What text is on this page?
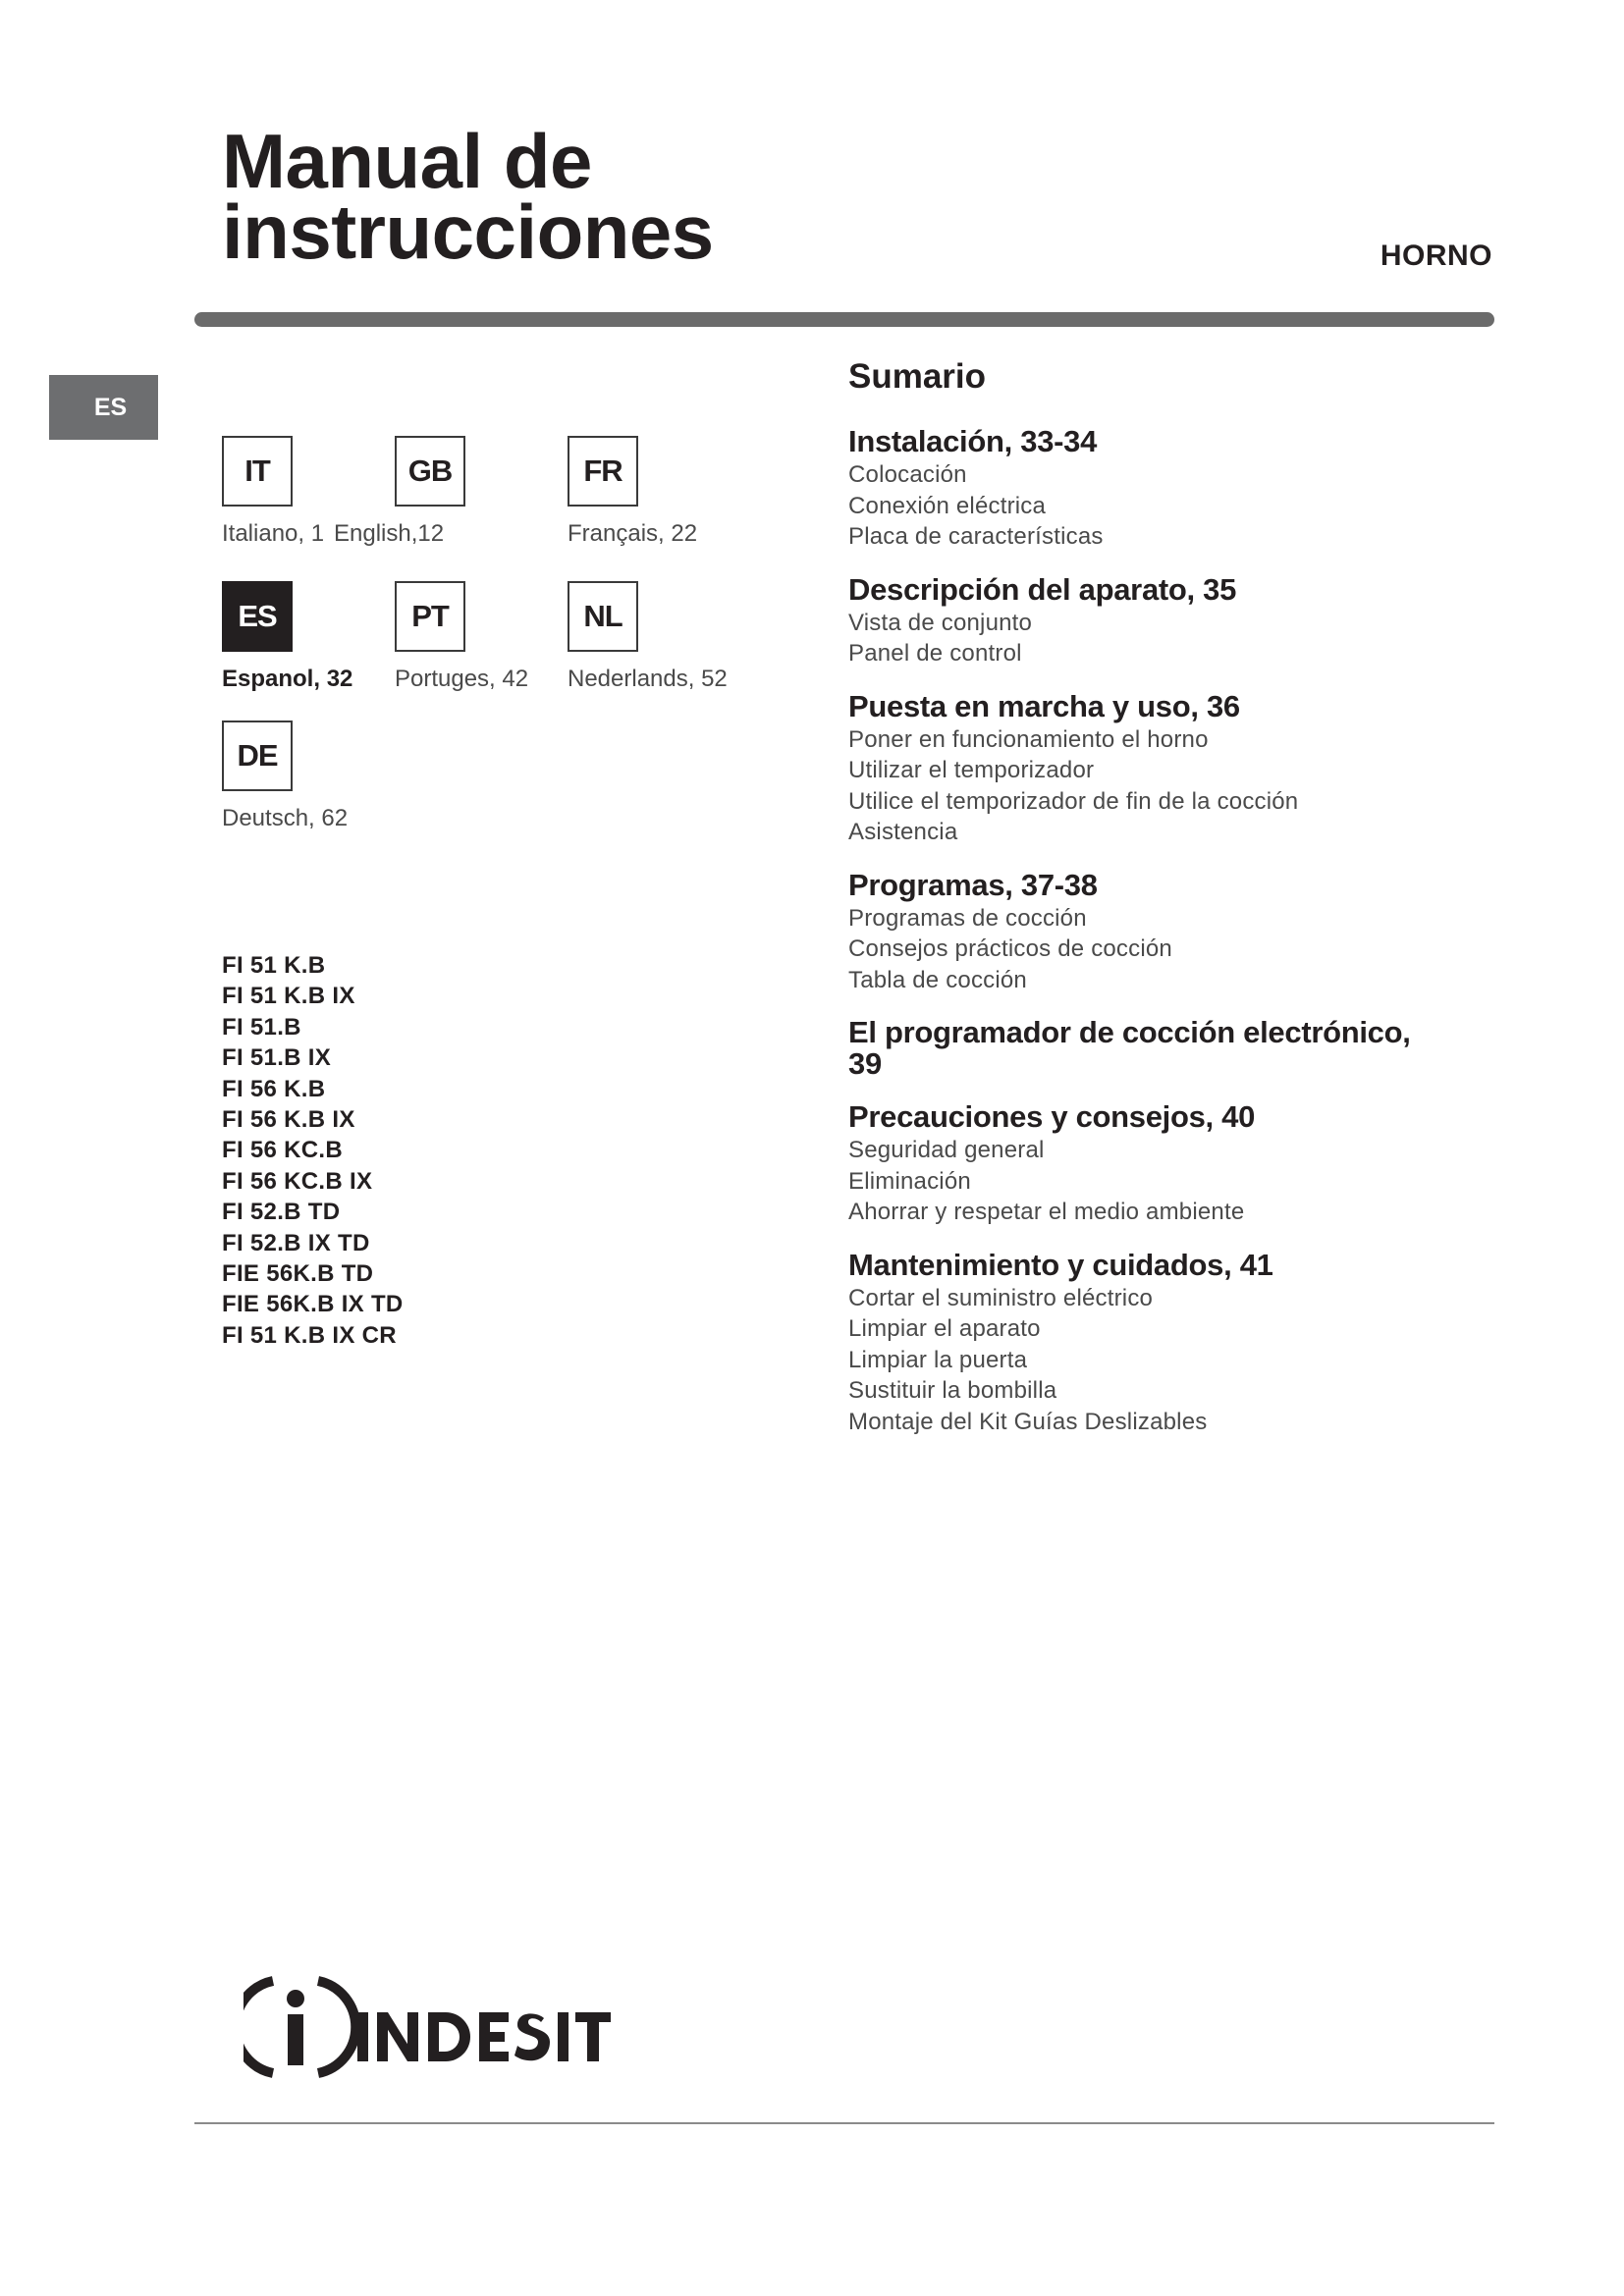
Manual de
instrucciones	HORNO
ES
IT
Italiano, 1
GB
English,12
FR
Français, 22
ES
Espanol, 32
PT
Portuges, 42
NL
Nederlands, 52
DE
Deutsch, 62
FI 51 K.B
FI 51 K.B IX
FI 51.B
FI 51.B IX
FI 56 K.B
FI 56 K.B IX
FI 56 KC.B
FI 56 KC.B IX
FI 52.B TD
FI 52.B IX TD
FIE 56K.B TD
FIE 56K.B IX TD
FI 51 K.B IX CR
Sumario
Instalación, 33-34
Colocación
Conexión eléctrica
Placa de características
Descripción del aparato, 35
Vista de conjunto
Panel de control
Puesta en marcha y uso, 36
Poner en funcionamiento el horno
Utilizar el temporizador
Utilice el temporizador de fin de la cocción
Asistencia
Programas, 37-38
Programas de cocción
Consejos prácticos de cocción
Tabla de cocción
El programador de cocción electrónico,
39
Precauciones y consejos, 40
Seguridad general
Eliminación
Ahorrar y respetar el medio ambiente
Mantenimiento y cuidados, 41
Cortar el suministro eléctrico
Limpiar el aparato
Limpiar la puerta
Sustituir la bombilla
Montaje del Kit Guías Deslizables
